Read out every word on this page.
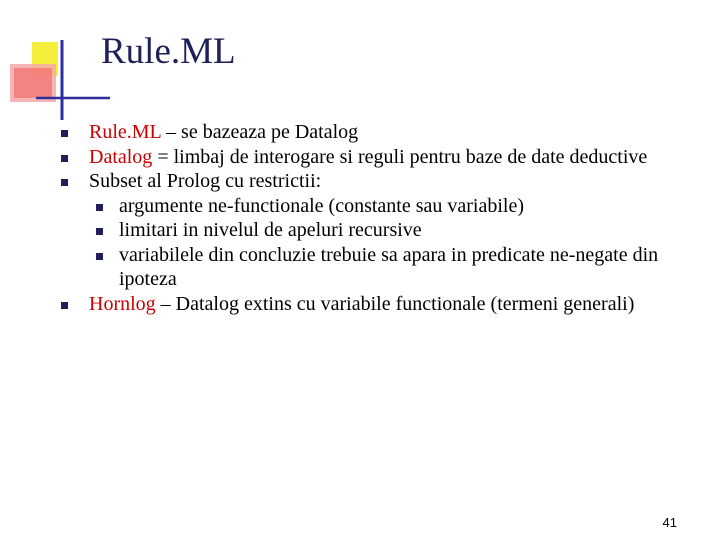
Rule.ML
Rule.ML – se bazeaza pe Datalog
Datalog = limbaj de interogare si reguli pentru baze de date deductive
Subset al Prolog cu restrictii:
argumente ne-functionale (constante sau variabile)
limitari in nivelul de apeluri recursive
variabilele din concluzie trebuie sa apara in predicate ne-negate din ipoteza
Hornlog – Datalog extins cu variabile functionale (termeni generali)
41
